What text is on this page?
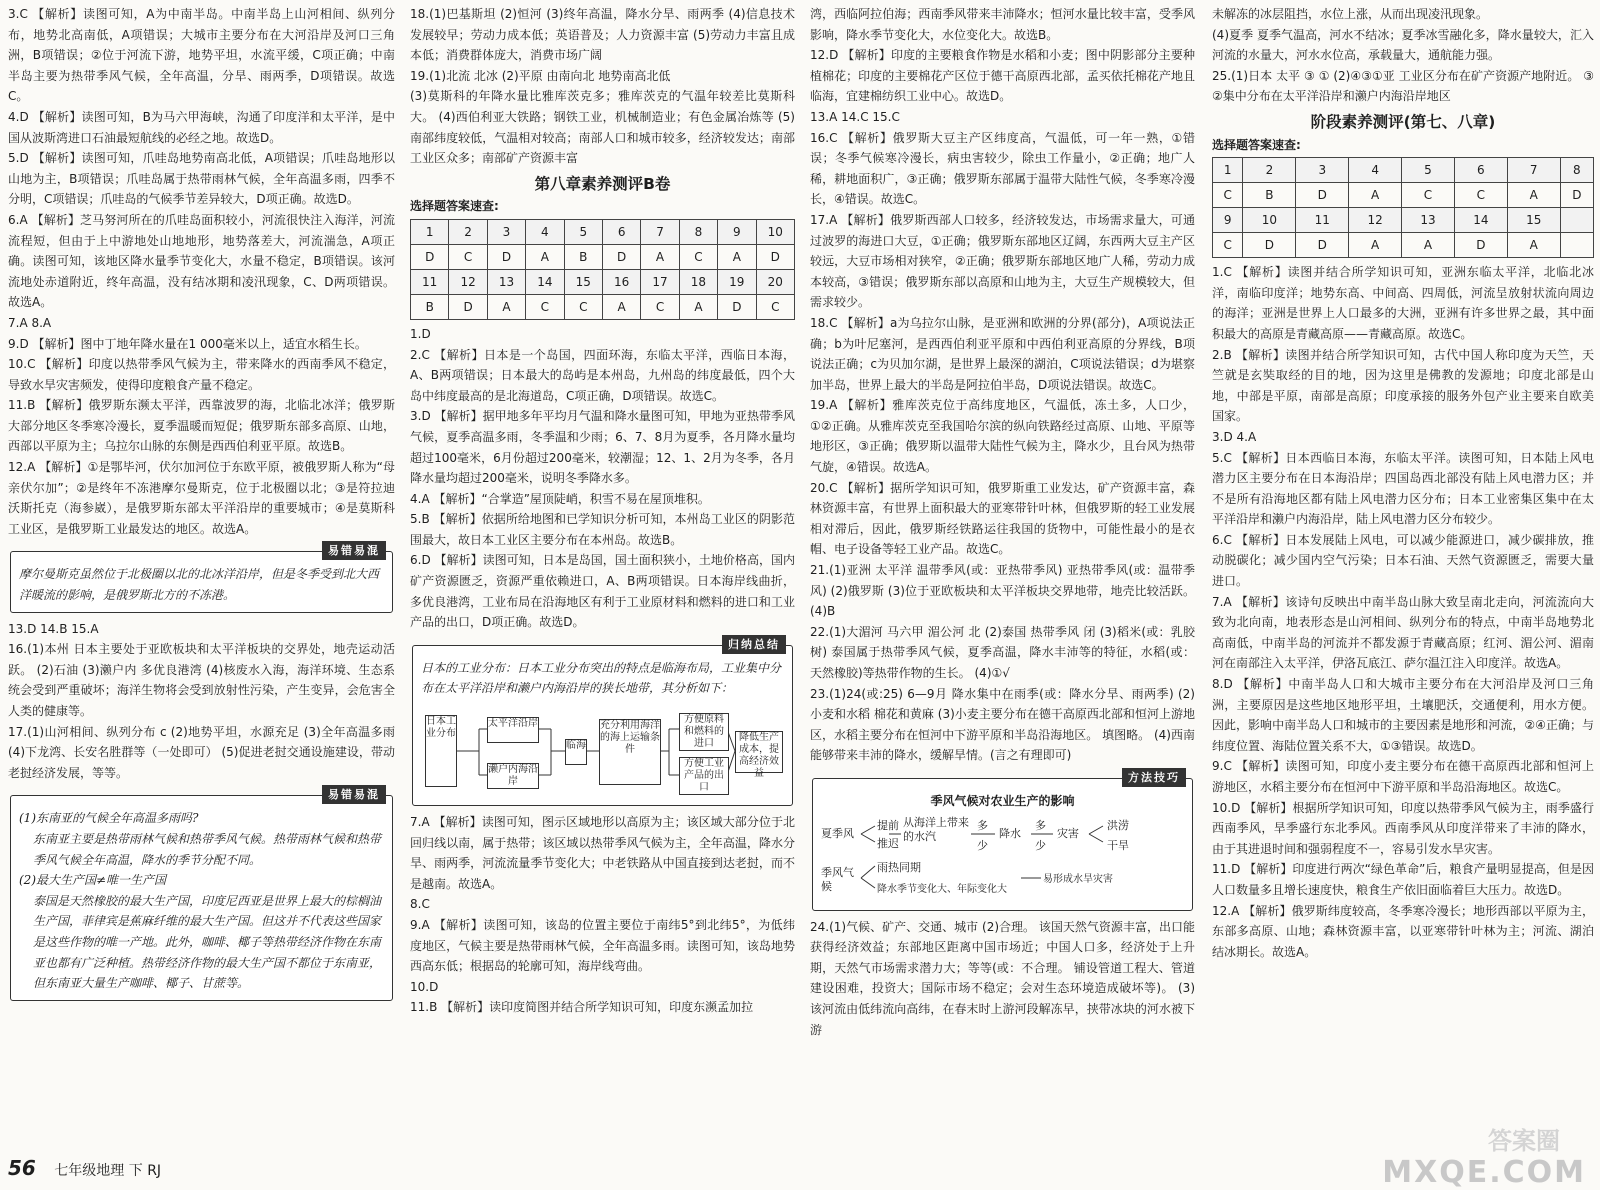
3.C 【解析】读图可知，A为中南半岛。中南半岛上山河相间、纵列分布，地势北高南低，A项错误；大城市主要分布在大河沿岸及河口三角洲，B项错误；②位于河流下游，地势平坦，水流平缓，C项正确；中南半岛主要为热带季风气候，全年高温，分旱、雨两季，D项错误。故选C。

4.D 【解析】读图可知，B为马六甲海峡，沟通了印度洋和太平洋，是中国从波斯湾进口石油最短航线的必经之地。故选D。

5.D 【解析】读图可知，爪哇岛地势南高北低，A项错误；爪哇岛地形以山地为主，B项错误；爪哇岛属于热带雨林气候，全年高温多雨，四季不分明，C项错误；爪哇岛的气候季节差异较大，D项正确。故选D。

6.A 【解析】芝马努河所在的爪哇岛面积较小，河流很快注入海洋，河流流程短，但由于上中游地处山地地形，地势落差大，河流湍急，A项正确。读图可知，该地区降水量季节变化大，水量不稳定，B项错误。该河流地处赤道附近，终年高温，没有结冰期和凌汛现象，C、D两项错误。故选A。

7.A 8.A

9.D 【解析】图中丁地年降水量在1 000毫米以上，适宜水稻生长。

10.C 【解析】印度以热带季风气候为主，带来降水的西南季风不稳定，导致水旱灾害频发，使得印度粮食产量不稳定。

11.B 【解析】俄罗斯东濒太平洋，西靠波罗的海，北临北冰洋；俄罗斯大部分地区冬季寒冷漫长，夏季温暖而短促；俄罗斯东部多高原、山地，西部以平原为主；乌拉尔山脉的东侧是西西伯利亚平原。故选B。

12.A 【解析】①是鄂毕河，伏尔加河位于东欧平原，被俄罗斯人称为“母亲伏尔加”；②是终年不冻港摩尔曼斯克，位于北极圈以北；③是符拉迪沃斯托克（海参崴），是俄罗斯东部太平洋沿岸的重要城市；④是莫斯科工业区，是俄罗斯工业最发达的地区。故选A。

易错易混

摩尔曼斯克虽然位于北极圈以北的北冰洋沿岸，但是冬季受到北大西洋暖流的影响，是俄罗斯北方的不冻港。

13.D 14.B 15.A

16.(1)本州 日本主要处于亚欧板块和太平洋板块的交界处，地壳运动活跃。 (2)石油 (3)濑户内 多优良港湾 (4)核废水入海，海洋环境、生态系统会受到严重破坏；海洋生物将会受到放射性污染，产生变异，会危害全人类的健康等。

17.(1)山河相间、纵列分布 c (2)地势平坦，水源充足 (3)全年高温多雨 (4)下龙湾、长安名胜群等（一处即可） (5)促进老挝交通设施建设，带动老挝经济发展，等等。

易错易混

(1)东南亚的气候全年高温多雨吗?

东南亚主要是热带雨林气候和热带季风气候。热带雨林气候和热带季风气候全年高温，降水的季节分配不同。

(2)最大生产国≠唯一生产国

泰国是天然橡胶的最大生产国，印度尼西亚是世界上最大的棕榈油生产国，菲律宾是蕉麻纤维的最大生产国。但这并不代表这些国家是这些作物的唯一产地。此外，咖啡、椰子等热带经济作物在东南亚也都有广泛种植。热带经济作物的最大生产国不都位于东南亚，但东南亚大量生产咖啡、椰子、甘蔗等。

18.(1)巴基斯坦 (2)恒河 (3)终年高温，降水分旱、雨两季 (4)信息技术发展较早；劳动力成本低；英语普及；人力资源丰富 (5)劳动力丰富且成本低；消费群体庞大，消费市场广阔

19.(1)北流 北冰 (2)平原 由南向北 地势南高北低

(3)莫斯科的年降水量比雅库茨克多；雅库茨克的气温年较差比莫斯科大。 (4)西伯利亚大铁路；钢铁工业，机械制造业；有色金属冶炼等 (5)南部纬度较低，气温相对较高；南部人口和城市较多，经济较发达；南部工业区众多；南部矿产资源丰富

第八章素养测评B卷
选择题答案速查:
1	2	3	4	5	6	7	8	9	10
D	C	D	A	B	D	A	C	A	D
11	12	13	14	15	16	17	18	19	20
B	D	A	C	C	A	C	A	D	C

1.D

2.C 【解析】日本是一个岛国，四面环海，东临太平洋，西临日本海，A、B两项错误；日本最大的岛屿是本州岛，九州岛的纬度最低，四个大岛中纬度最高的是北海道岛，C项正确，D项错误。故选C。

3.D 【解析】据甲地多年平均月气温和降水量图可知，甲地为亚热带季风气候，夏季高温多雨，冬季温和少雨；6、7、8月为夏季，各月降水量均超过100毫米，6月份超过200毫米，较潮湿；12、1、2月为冬季，各月降水量均超过200毫米，说明冬季降水多。

4.A 【解析】“合掌造”屋顶陡峭，积雪不易在屋顶堆积。

5.B 【解析】依据所给地图和已学知识分析可知，本州岛工业区的阴影范围最大，故日本工业区主要分布在本州岛。故选B。

6.D 【解析】读图可知，日本是岛国，国土面积狭小，土地价格高，国内矿产资源匮乏，资源严重依赖进口，A、B两项错误。日本海岸线曲折，多优良港湾，工业布局在沿海地区有利于工业原材料和燃料的进口和工业产品的出口，D项正确。故选D。

归纳总结

日本的工业分布：日本工业分布突出的特点是临海布局，工业集中分布在太平洋沿岸和濑户内海沿岸的狭长地带，其分析如下：

日本工业分布
太平洋沿岸
濑户内海沿岸
临海
充分利用海洋的海上运输条件
方便原料和燃料的进口
方便工业产品的出口
降低生产成本，提高经济效益

7.A 【解析】读图可知，图示区域地形以高原为主；该区域大部分位于北回归线以南，属于热带；该区域以热带季风气候为主，全年高温，降水分旱、雨两季，河流流量季节变化大；中老铁路从中国直接到达老挝，而不是越南。故选A。

8.C

9.A 【解析】读图可知，该岛的位置主要位于南纬5°到北纬5°，为低纬度地区，气候主要是热带雨林气候，全年高温多雨。读图可知，该岛地势西高东低；根据岛的轮廓可知，海岸线弯曲。

10.D

11.B 【解析】读印度简图并结合所学知识可知，印度东濒孟加拉

湾，西临阿拉伯海；西南季风带来丰沛降水；恒河水量比较丰富，受季风影响，降水季节变化大，水位变化大。故选B。

12.D 【解析】印度的主要粮食作物是水稻和小麦；图中阴影部分主要种植棉花；印度的主要棉花产区位于德干高原西北部，孟买依托棉花产地且临海，宜建棉纺织工业中心。故选D。

13.A 14.C 15.C

16.C 【解析】俄罗斯大豆主产区纬度高，气温低，可一年一熟，①错误；冬季气候寒冷漫长，病虫害较少，除虫工作量小，②正确；地广人稀，耕地面积广，③正确；俄罗斯东部属于温带大陆性气候，冬季寒冷漫长，④错误。故选C。

17.A 【解析】俄罗斯西部人口较多，经济较发达，市场需求量大，可通过波罗的海进口大豆，①正确；俄罗斯东部地区辽阔，东西两大豆主产区较远，大豆市场相对狭窄，②正确；俄罗斯东部地区地广人稀，劳动力成本较高，③错误；俄罗斯东部以高原和山地为主，大豆生产规模较大，但需求较少。

18.C 【解析】a为乌拉尔山脉，是亚洲和欧洲的分界(部分)，A项说法正确；b为叶尼塞河，是西西伯利亚平原和中西伯利亚高原的分界线，B项说法正确；c为贝加尔湖，是世界上最深的湖泊，C项说法错误；d为堪察加半岛，世界上最大的半岛是阿拉伯半岛，D项说法错误。故选C。

19.A 【解析】雅库茨克位于高纬度地区，气温低，冻土多，人口少，①②正确。从雅库茨克至我国哈尔滨的纵向铁路经过高原、山地、平原等地形区，③正确；俄罗斯以温带大陆性气候为主，降水少，且台风为热带气旋，④错误。故选A。

20.C 【解析】据所学知识可知，俄罗斯重工业发达，矿产资源丰富，森林资源丰富，有世界上面积最大的亚寒带针叶林，但俄罗斯的轻工业发展相对滞后，因此，俄罗斯经铁路运往我国的货物中，可能性最小的是衣帽、电子设备等轻工业产品。故选C。

21.(1)亚洲 太平洋 温带季风(或：亚热带季风) 亚热带季风(或：温带季风) (2)俄罗斯 (3)位于亚欧板块和太平洋板块交界地带，地壳比较活跃。 (4)B

22.(1)大湄河 马六甲 湄公河 北 (2)泰国 热带季风 闭 (3)稻米(或：乳胶树) 泰国属于热带季风气候，夏季高温，降水丰沛等的特征，水稻(或：天然橡胶)等热带作物的生长。 (4)①√

23.(1)24(或:25) 6—9月 降水集中在雨季(或：降水分旱、雨两季) (2)小麦和水稻 棉花和黄麻 (3)小麦主要分布在德干高原西北部和恒河上游地区，水稻主要分布在恒河中下游平原和半岛沿海地区。 填图略。 (4)西南 能够带来丰沛的降水，缓解旱情。(言之有理即可)

方法技巧
季风气候对农业生产的影响
夏季风
提前
推迟
从海洋上带来的水汽
多
少
降水
多
少
灾害
洪涝
干旱
季风气候
雨热同期
降水季节变化大、年际变化大
易形成水旱灾害

24.(1)气候、矿产、交通、城市 (2)合理。 该国天然气资源丰富，出口能获得经济效益；东部地区距离中国市场近；中国人口多，经济处于上升期，天然气市场需求潜力大；等等(或：不合理。 铺设管道工程大、管道建设困难，投资大；国际市场不稳定；会对生态环境造成破坏等)。 (3)该河流由低纬流向高纬，在春末时上游河段解冻早，挟带冰块的河水被下游

未解冻的冰层阻挡，水位上涨，从而出现凌汛现象。

(4)夏季 夏季气温高，河水不结冰；夏季冰雪融化多，降水量较大，汇入河流的水量大，河水水位高，承载量大，通航能力强。

25.(1)日本 太平 ③ ① (2)④③①亚 工业区分布在矿产资源产地附近。 ③ ②集中分布在太平洋沿岸和濑户内海沿岸地区

阶段素养测评(第七、八章)
选择题答案速查:
1	2	3	4	5	6	7	8
C	B	D	A	C	C	A	D
9	10	11	12	13	14	15	
C	D	D	A	A	D	A	

1.C 【解析】读图并结合所学知识可知，亚洲东临太平洋，北临北冰洋，南临印度洋；地势东高、中间高、四周低，河流呈放射状流向周边的海洋；亚洲是世界上人口最多的大洲，亚洲有许多世界之最，其中面积最大的高原是青藏高原——青藏高原。故选C。

2.B 【解析】读图并结合所学知识可知，古代中国人称印度为天竺，天竺就是玄奘取经的目的地，因为这里是佛教的发源地；印度北部是山地，中部是平原，南部是高原；印度承接的服务外包产业主要来自欧美国家。

3.D 4.A

5.C 【解析】日本西临日本海，东临太平洋。读图可知，日本陆上风电潜力区主要分布在日本海沿岸；四国岛西北部没有陆上风电潜力区；并不是所有沿海地区都有陆上风电潜力区分布；日本工业密集区集中在太平洋沿岸和濑户内海沿岸，陆上风电潜力区分布较少。

6.C 【解析】日本发展陆上风电，可以减少能源进口，减少碳排放，推动脱碳化；减少国内空气污染；日本石油、天然气资源匮乏，需要大量进口。

7.A 【解析】该诗句反映出中南半岛山脉大致呈南北走向，河流流向大致为北向南，地表形态是山河相间、纵列分布的特点，中南半岛地势北高南低，中南半岛的河流并不都发源于青藏高原；红河、湄公河、湄南河在南部注入太平洋，伊洛瓦底江、萨尔温江注入印度洋。故选A。

8.D 【解析】中南半岛人口和大城市主要分布在大河沿岸及河口三角洲，主要原因是这些地区地形平坦，土壤肥沃，交通便利，用水方便。因此，影响中南半岛人口和城市的主要因素是地形和河流，②④正确；与纬度位置、海陆位置关系不大，①③错误。故选D。

9.C 【解析】读图可知，印度小麦主要分布在德干高原西北部和恒河上游地区，水稻主要分布在恒河中下游平原和半岛沿海地区。故选C。

10.D 【解析】根据所学知识可知，印度以热带季风气候为主，雨季盛行西南季风，旱季盛行东北季风。西南季风从印度洋带来了丰沛的降水，由于其进退时间和强弱程度不一，容易引发水旱灾害。

11.D 【解析】印度进行两次“绿色革命”后，粮食产量明显提高，但是因人口数量多且增长速度快，粮食生产依旧面临着巨大压力。故选D。

12.A 【解析】俄罗斯纬度较高，冬季寒冷漫长；地形西部以平原为主，东部多高原、山地；森林资源丰富，以亚寒带针叶林为主；河流、湖泊结冰期长。故选A。

56 七年级地理 下 RJ
答案圈
MXQE.COM
